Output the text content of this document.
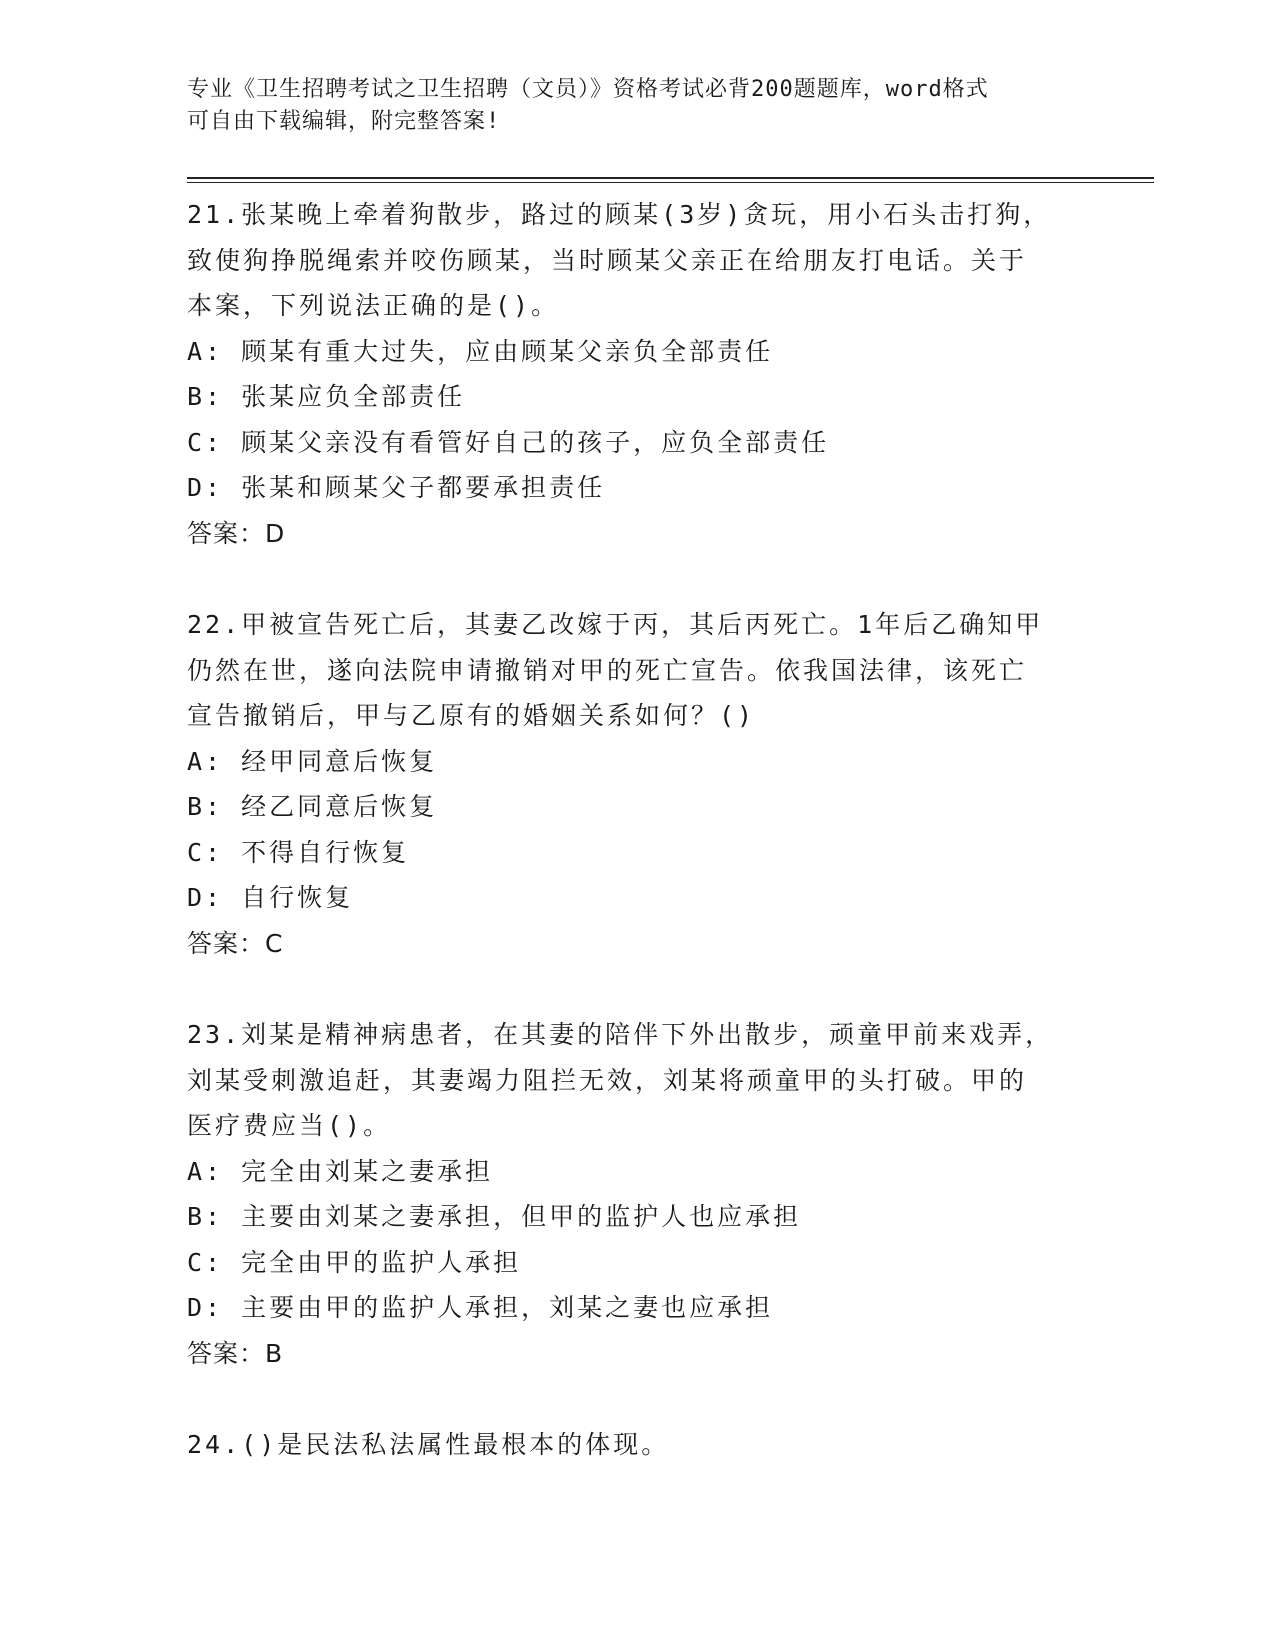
专业《卫生招聘考试之卫生招聘（文员）》资格考试必背200题题库，word格式
可自由下载编辑，附完整答案!

21.张某晚上牵着狗散步，路过的顾某(3岁)贪玩，用小石头击打狗，

致使狗挣脱绳索并咬伤顾某，当时顾某父亲正在给朋友打电话。关于

本案，下列说法正确的是()。

A: 顾某有重大过失，应由顾某父亲负全部责任

B: 张某应负全部责任

C: 顾某父亲没有看管好自己的孩子，应负全部责任

D: 张某和顾某父子都要承担责任

答案：D

22.甲被宣告死亡后，其妻乙改嫁于丙，其后丙死亡。1年后乙确知甲

仍然在世，遂向法院申请撤销对甲的死亡宣告。依我国法律，该死亡

宣告撤销后，甲与乙原有的婚姻关系如何？()

A: 经甲同意后恢复

B: 经乙同意后恢复

C: 不得自行恢复

D: 自行恢复

答案：C

23.刘某是精神病患者，在其妻的陪伴下外出散步，顽童甲前来戏弄，

刘某受刺激追赶，其妻竭力阻拦无效，刘某将顽童甲的头打破。甲的

医疗费应当()。

A: 完全由刘某之妻承担

B: 主要由刘某之妻承担，但甲的监护人也应承担

C: 完全由甲的监护人承担

D: 主要由甲的监护人承担，刘某之妻也应承担

答案：B

24.()是民法私法属性最根本的体现。
